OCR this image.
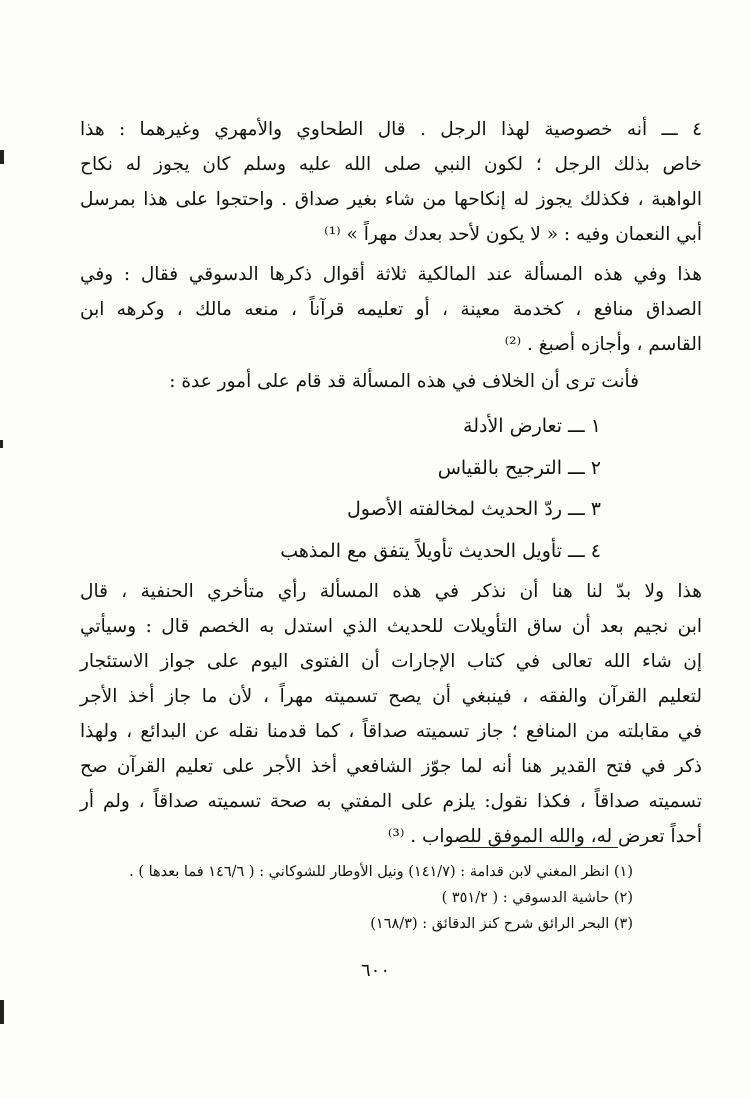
٤ ـــ أنه خصوصية لهذا الرجل . قال الطحاوي والأمهري وغيرهما : هذا
خاص بذلك الرجل ؛ لكون النبي صلى الله عليه وسلم كان يجوز له نكاح
الواهبة ، فكذلك يجوز له إنكاحها من شاء بغير صداق . واحتجوا على هذا بمرسل
أبي النعمان وفيه : « لا يكون لأحد بعدك مهراً » ⁽¹⁾
هذا وفي هذه المسألة عند المالكية ثلاثة أقوال ذكرها الدسوقي فقال : وفي
الصداق منافع ، كخدمة معينة ، أو تعليمه قرآناً ، منعه مالك ، وكرهه ابن
القاسم ، وأجازه أصبغ . ⁽²⁾
فأنت ترى أن الخلاف في هذه المسألة قد قام على أمور عدة :
١ ـــ تعارض الأدلة
٢ ـــ الترجيح بالقياس
٣ ـــ ردّ الحديث لمخالفته الأصول
٤ ـــ تأويل الحديث تأويلاً يتفق مع المذهب
هذا ولا بدّ لنا هنا أن نذكر في هذه المسألة رأي متأخري الحنفية ، قال
ابن نجيم بعد أن ساق التأويلات للحديث الذي استدل به الخصم قال : وسيأتي
إن شاء الله تعالى في كتاب الإجارات أن الفتوى اليوم على جواز الاستئجار
لتعليم القرآن والفقه ، فينبغي أن يصح تسميته مهراً ، لأن ما جاز أخذ الأجر
في مقابلته من المنافع ؛ جاز تسميته صداقاً ، كما قدمنا نقله عن البدائع ، ولهذا
ذكر في فتح القدير هنا أنه لما جوّز الشافعي أخذ الأجر على تعليم القرآن صح
تسميته صداقاً ، فكذا نقول: يلزم على المفتي به صحة تسميته صداقاً ، ولم أر
أحداً تعرض له، والله الموفق للصواب . ⁽³⁾
(١) انظر المغني لابن قدامة : (١٤١/٧) ونيل الأوطار للشوكاني : ( ١٤٦/٦ فما بعدها ) .
(٢) حاشية الدسوقي : ( ٣٥١/٢ )
(٣) البحر الرائق شرح كنز الدقائق : (١٦٨/٣)
٦٠٠
